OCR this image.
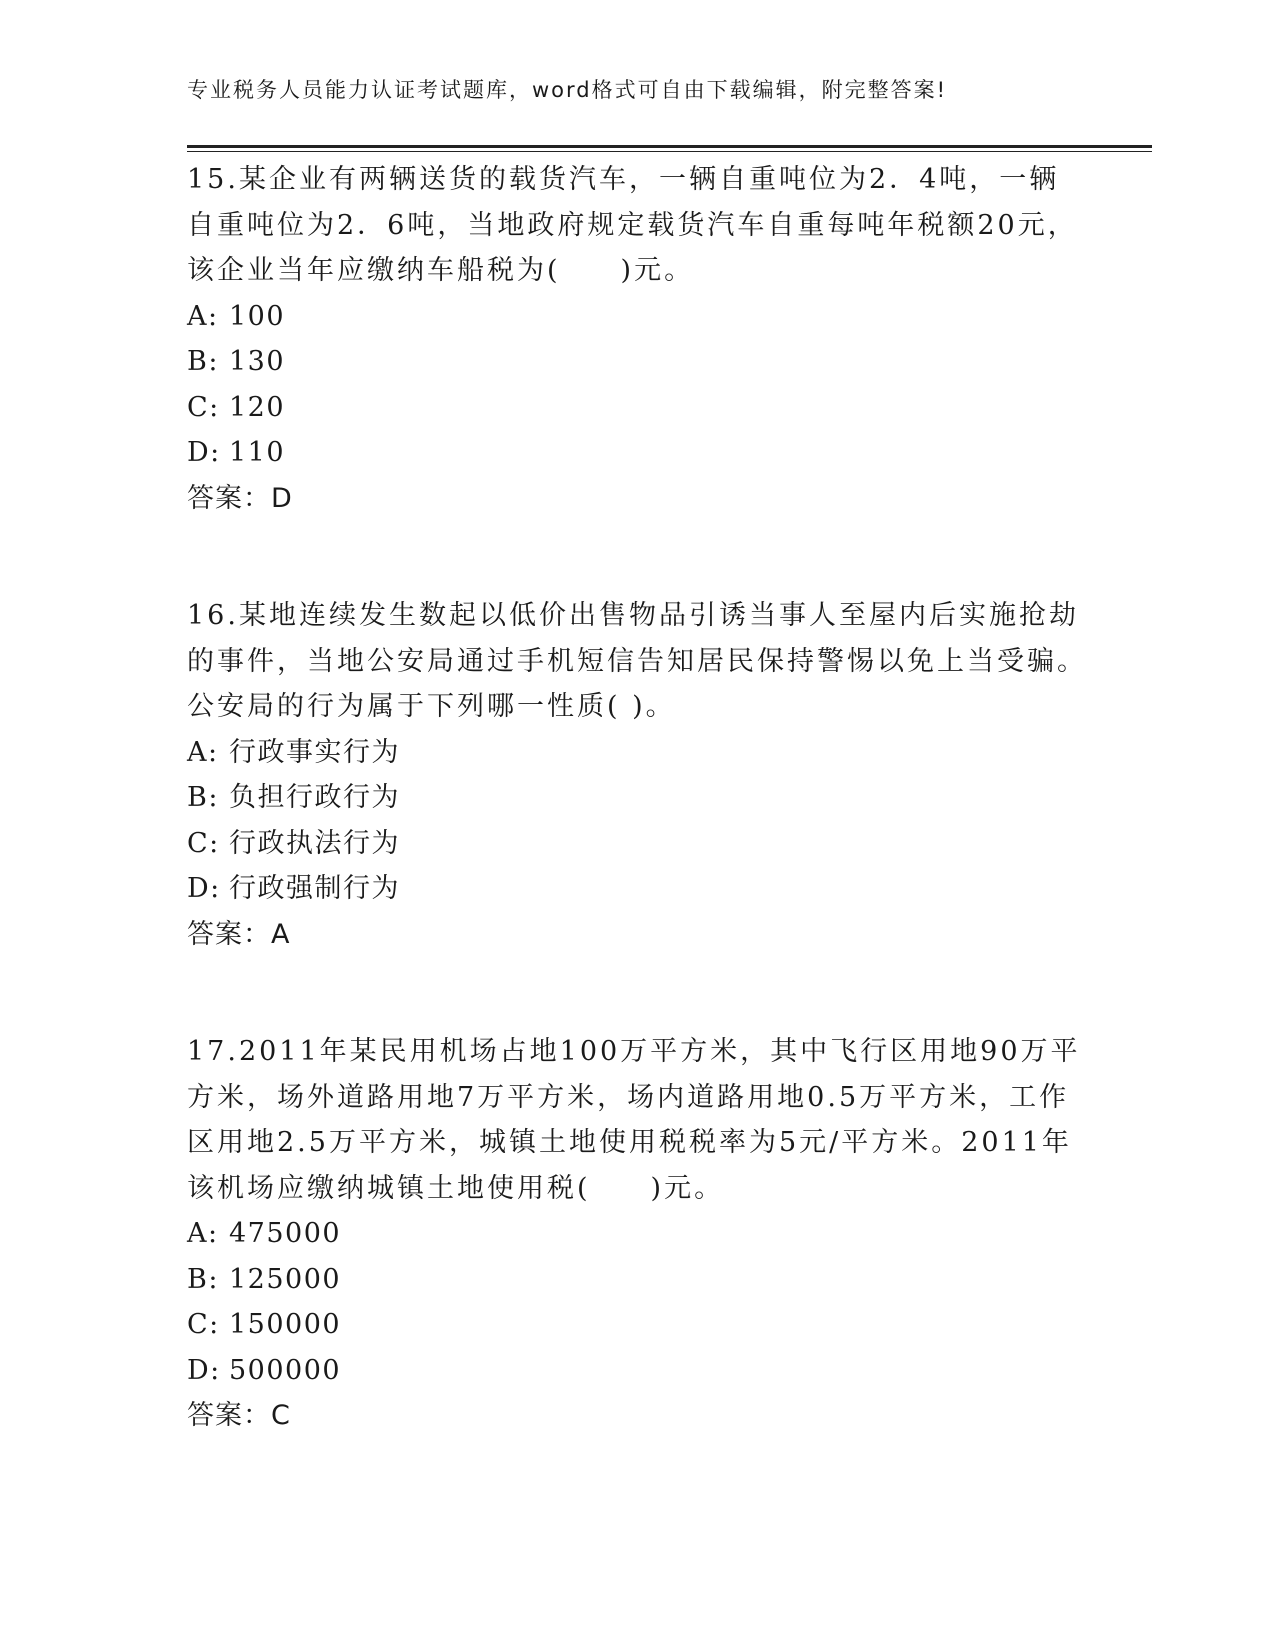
专业税务人员能力认证考试题库，word格式可自由下载编辑，附完整答案!

15.某企业有两辆送货的载货汽车，一辆自重吨位为2．4吨，一辆自重吨位为2．6吨，当地政府规定载货汽车自重每吨年税额20元，该企业当年应缴纳车船税为(　　)元。

A: 100

B: 130

C: 120

D: 110

答案：D

16.某地连续发生数起以低价出售物品引诱当事人至屋内后实施抢劫的事件，当地公安局通过手机短信告知居民保持警惕以免上当受骗。公安局的行为属于下列哪一性质( )。

A: 行政事实行为

B: 负担行政行为

C: 行政执法行为

D: 行政强制行为

答案：A

17.2011年某民用机场占地100万平方米，其中飞行区用地90万平方米，场外道路用地7万平方米，场内道路用地0.5万平方米，工作区用地2.5万平方米，城镇土地使用税税率为5元/平方米。2011年该机场应缴纳城镇土地使用税(　　)元。

A: 475000

B: 125000

C: 150000

D: 500000

答案：C
